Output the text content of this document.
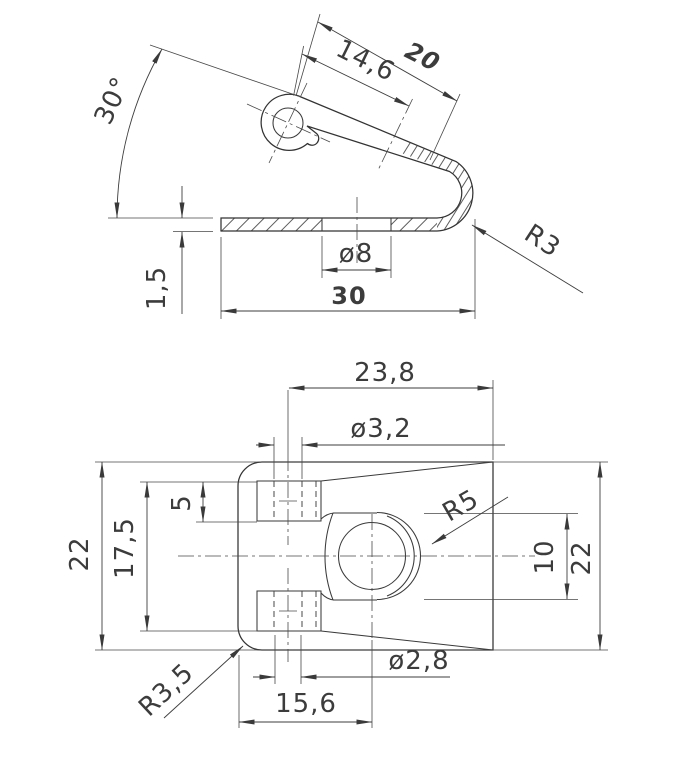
30°
1,5
14,6 20
ø8
30
R3
23,8
ø3,2
22 17,5
5
ø2,8
15,6
10 22
R5
R3,5
